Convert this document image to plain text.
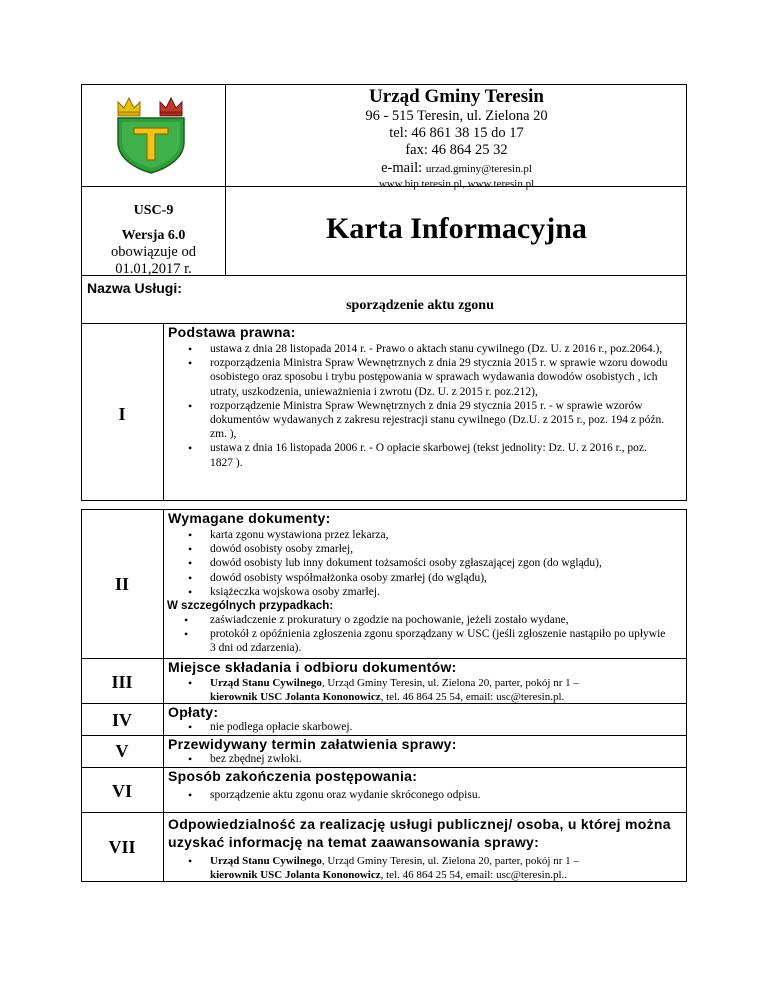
Urząd Gminy Teresin
96 - 515 Teresin, ul. Zielona 20
tel: 46 861 38 15 do 17
fax: 46 864 25 32
e-mail: urzad.gminy@teresin.pl
www.bip.teresin.pl, www.teresin.pl
USC-9
Wersja 6.0
obowiązuje od
01.01,2017 r.
Karta Informacyjna
Nazwa Usługi:
sporządzenie aktu zgonu
I
Podstawa prawna:
• ustawa z dnia 28 listopada 2014 r. - Prawo o aktach stanu cywilnego (Dz. U. z 2016 r., poz.2064.),
• rozporządzenia Ministra Spraw Wewnętrznych z dnia 29 stycznia 2015 r. w sprawie wzoru dowodu osobistego oraz sposobu i trybu postępowania w sprawach wydawania dowodów osobistych , ich utraty, uszkodzenia, unieważnienia i zwrotu (Dz. U. z 2015 r. poz.212),
• rozporządzenie Ministra Spraw Wewnętrznych z dnia 29 stycznia 2015 r. - w sprawie wzorów dokumentów wydawanych z zakresu rejestracji stanu cywilnego (Dz.U. z 2015 r., poz. 194 z późn. zm. ),
• ustawa z dnia 16 listopada 2006 r. - O opłacie skarbowej (tekst jednolity: Dz. U. z 2016 r., poz. 1827 ).
II
Wymagane dokumenty:
• karta zgonu wystawiona przez lekarza,
• dowód osobisty osoby zmarłej,
• dowód osobisty lub inny dokument tożsamości osoby zgłaszającej zgon (do wglądu),
• dowód osobisty współmałżonka osoby zmarłej (do wglądu),
• książeczka wojskowa osoby zmarłej.
W szczególnych przypadkach:
• zaświadczenie z prokuratury o zgodzie na pochowanie, jeżeli zostało wydane,
• protokół z opóźnienia zgłoszenia zgonu sporządzany w USC (jeśli zgłoszenie nastąpiło po upływie 3 dni od zdarzenia).
III
Miejsce składania i odbioru dokumentów:
• Urząd Stanu Cywilnego, Urząd Gminy Teresin, ul. Zielona 20, parter, pokój nr 1 –
kierownik USC Jolanta Kononowicz, tel. 46 864 25 54, email: usc@teresin.pl.
IV	Opłaty:
• nie podlega opłacie skarbowej.
V	Przewidywany termin załatwienia sprawy:
• bez zbędnej zwłoki.
VI
Sposób zakończenia postępowania:
• sporządzenie aktu zgonu oraz wydanie skróconego odpisu.
VII
Odpowiedzialność za realizację usługi publicznej/ osoba, u której można
uzyskać informację na temat zaawansowania sprawy:
• Urząd Stanu Cywilnego, Urząd Gminy Teresin, ul. Zielona 20, parter, pokój nr 1 –
kierownik USC Jolanta Kononowicz, tel. 46 864 25 54, email: usc@teresin.pl..
